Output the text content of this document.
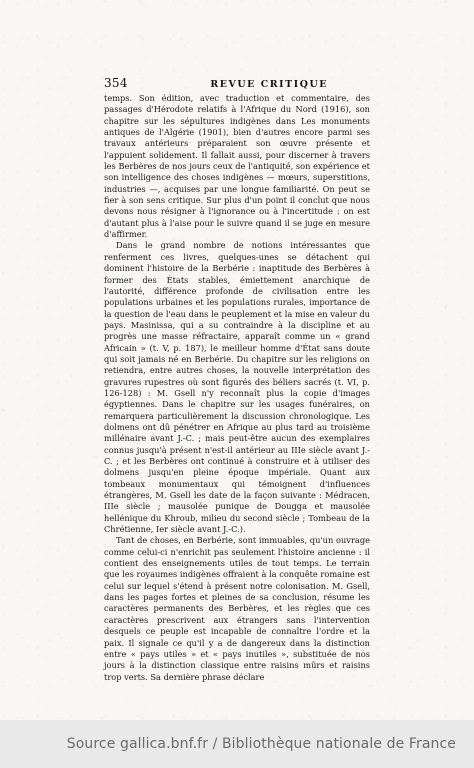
354	REVUE CRITIQUE

temps. Son édition, avec traduction et commentaire, des passages d'Hérodote relatifs à l'Afrique du Nord (1916), son chapitre sur les sépultures indigènes dans Les monuments antiques de l'Algérie (1901), bien d'autres encore parmi ses travaux antérieurs préparaient son œuvre présente et l'appuient solidement. Il fallait aussi, pour discerner à travers les Berbères de nos jours ceux de l'antiquité, son expérience et son intelligence des choses indigènes — mœurs, superstitions, industries —, acquises par une longue familiarité. On peut se fier à son sens critique. Sur plus d'un point il conclut que nous devons nous résigner à l'ignorance ou à l'incertitude : on est d'autant plus à l'aise pour le suivre quand il se juge en mesure d'affirmer.

Dans le grand nombre de notions intéressantes que renferment ces livres, quelques-unes se détachent qui dominent l'histoire de la Berbérie : inaptitude des Berbères à former des États stables, émiettement anarchique de l'autorité, différence profonde de civilisation entre les populations urbaines et les populations rurales, importance de la question de l'eau dans le peuplement et la mise en valeur du pays. Masinissa, qui a su contraindre à la discipline et au progrès une masse réfractaire, apparaît comme un « grand Africain » (t. V, p. 187), le meilleur homme d'État sans doute qui soit jamais né en Berbérie. Du chapitre sur les religions on retiendra, entre autres choses, la nouvelle interprétation des gravures rupestres où sont figurés des béliers sacrés (t. VI, p. 126-128) : M. Gsell n'y reconnaît plus la copie d'images égyptiennes. Dans le chapitre sur les usages funéraires, on remarquera particulièrement la discussion chronologique. Les dolmens ont dû pénétrer en Afrique au plus tard au troisième millénaire avant J.-C. ; mais peut-être aucun des exemplaires connus jusqu'à présent n'est-il antérieur au IIIe siècle avant J.-C. ; et les Berbères ont continué à construire et à utiliser des dolmens jusqu'en pleine époque impériale. Quant aux tombeaux monumentaux qui témoignent d'influences étrangères, M. Gsell les date de la façon suivante : Médracen, IIIe siècle ; mausolée punique de Dougga et mausolée hellénique du Khroub, milieu du second siècle ; Tombeau de la Chrétienne, Ier siècle avant J.-C.).

Tant de choses, en Berbérie, sont immuables, qu'un ouvrage comme celui-ci n'enrichit pas seulement l'histoire ancienne : il contient des enseignements utiles de tout temps. Le terrain que les royaumes indigènes offraient à la conquête romaine est celui sur lequel s'étend à présent notre colonisation. M. Gsell, dans les pages fortes et pleines de sa conclusion, résume les caractères permanents des Berbères, et les règles que ces caractères prescrivent aux étrangers sans l'intervention desquels ce peuple est incapable de connaître l'ordre et la paix. Il signale ce qu'il y a de dangereux dans la distinction entre « pays utiles » et « pays inutiles », substituée de nos jours à la distinction classique entre raisins mûrs et raisins trop verts. Sa dernière phrase déclare

Source gallica.bnf.fr / Bibliothèque nationale de France
